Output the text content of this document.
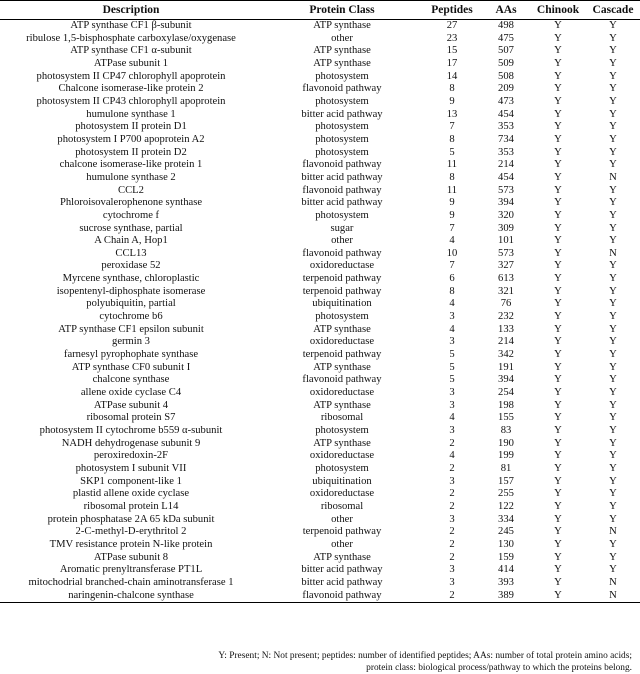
Description	Protein Class	Peptides	AAs	Chinook	Cascade
ATP synthase CF1 β-subunit	ATP synthase	27	498	Y	Y
ribulose 1,5-bisphosphate carboxylase/oxygenase	other	23	475	Y	Y
ATP synthase CF1 α-subunit	ATP synthase	15	507	Y	Y
ATPase subunit 1	ATP synthase	17	509	Y	Y
photosystem II CP47 chlorophyll apoprotein	photosystem	14	508	Y	Y
Chalcone isomerase-like protein 2	flavonoid pathway	8	209	Y	Y
photosystem II CP43 chlorophyll apoprotein	photosystem	9	473	Y	Y
humulone synthase 1	bitter acid pathway	13	454	Y	Y
photosystem II protein D1	photosystem	7	353	Y	Y
photosystem I P700 apoprotein A2	photosystem	8	734	Y	Y
photosystem II protein D2	photosystem	5	353	Y	Y
chalcone isomerase-like protein 1	flavonoid pathway	11	214	Y	Y
humulone synthase 2	bitter acid pathway	8	454	Y	N
CCL2	flavonoid pathway	11	573	Y	Y
Phloroisovalerophenone synthase	bitter acid pathway	9	394	Y	Y
cytochrome f	photosystem	9	320	Y	Y
sucrose synthase, partial	sugar	7	309	Y	Y
A Chain A, Hop1	other	4	101	Y	Y
CCL13	flavonoid pathway	10	573	Y	N
peroxidase 52	oxidoreductase	7	327	Y	Y
Myrcene synthase, chloroplastic	terpenoid pathway	6	613	Y	Y
isopentenyl-diphosphate isomerase	terpenoid pathway	8	321	Y	Y
polyubiquitin, partial	ubiquitination	4	76	Y	Y
cytochrome b6	photosystem	3	232	Y	Y
ATP synthase CF1 epsilon subunit	ATP synthase	4	133	Y	Y
germin 3	oxidoreductase	3	214	Y	Y
farnesyl pyrophophate synthase	terpenoid pathway	5	342	Y	Y
ATP synthase CF0 subunit I	ATP synthase	5	191	Y	Y
chalcone synthase	flavonoid pathway	5	394	Y	Y
allene oxide cyclase C4	oxidoreductase	3	254	Y	Y
ATPase subunit 4	ATP synthase	3	198	Y	Y
ribosomal protein S7	ribosomal	4	155	Y	Y
photosystem II cytochrome b559 α-subunit	photosystem	3	83	Y	Y
NADH dehydrogenase subunit 9	ATP synthase	2	190	Y	Y
peroxiredoxin-2F	oxidoreductase	4	199	Y	Y
photosystem I subunit VII	photosystem	2	81	Y	Y
SKP1 component-like 1	ubiquitination	3	157	Y	Y
plastid allene oxide cyclase	oxidoreductase	2	255	Y	Y
ribosomal protein L14	ribosomal	2	122	Y	Y
protein phosphatase 2A 65 kDa subunit	other	3	334	Y	Y
2-C-methyl-D-erythritol 2	terpenoid pathway	2	245	Y	N
TMV resistance protein N-like protein	other	2	130	Y	Y
ATPase subunit 8	ATP synthase	2	159	Y	Y
Aromatic prenyltransferase PT1L	bitter acid pathway	3	414	Y	Y
mitochodrial branched-chain aminotransferase 1	bitter acid pathway	3	393	Y	N
naringenin-chalcone synthase	flavonoid pathway	2	389	Y	N
Y: Present; N: Not present; peptides: number of identified peptides; AAs: number of total protein amino acids;
protein class: biological process/pathway to which the proteins belong.
